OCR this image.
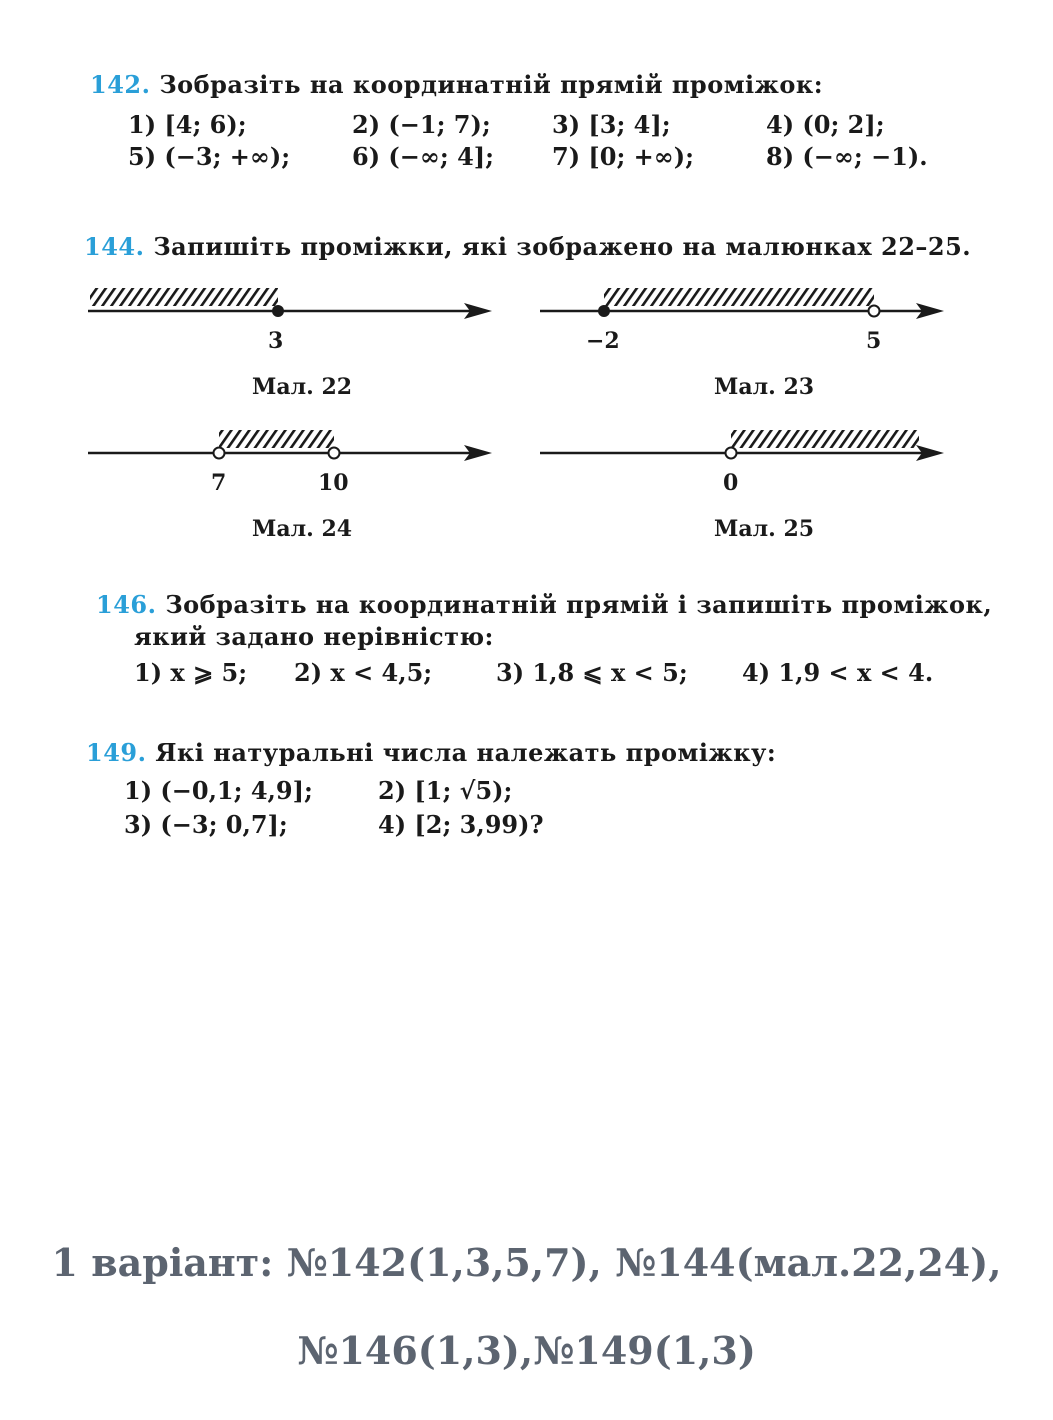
142. Зобразіть на координатній прямій проміжок:
1) [4; 6);	2) (−1; 7);	3) [3; 4];	4) (0; 2];
5) (−3; +∞);	6) (−∞; 4]; 7) [0; +∞);	8) (−∞; −1).
144. Запишіть проміжки, які зображено на малюнках 22–25.
3
Мал. 22
−2	5
Мал. 23
7	10
Мал. 24
0
Мал. 25
146. Зобразіть на координатній прямій і запишіть проміжок,
який задано нерівністю:
1) x ⩾ 5; 2) x < 4,5;	3) 1,8 ⩽ x < 5; 4) 1,9 < x < 4.
149. Які натуральні числа належать проміжку:
1) (−0,1; 4,9];	2) [1; √5);
3) (−3; 0,7];	4) [2; 3,99)?
1 варіант: №142(1,3,5,7), №144(мал.22,24),
№146(1,3),№149(1,3)
